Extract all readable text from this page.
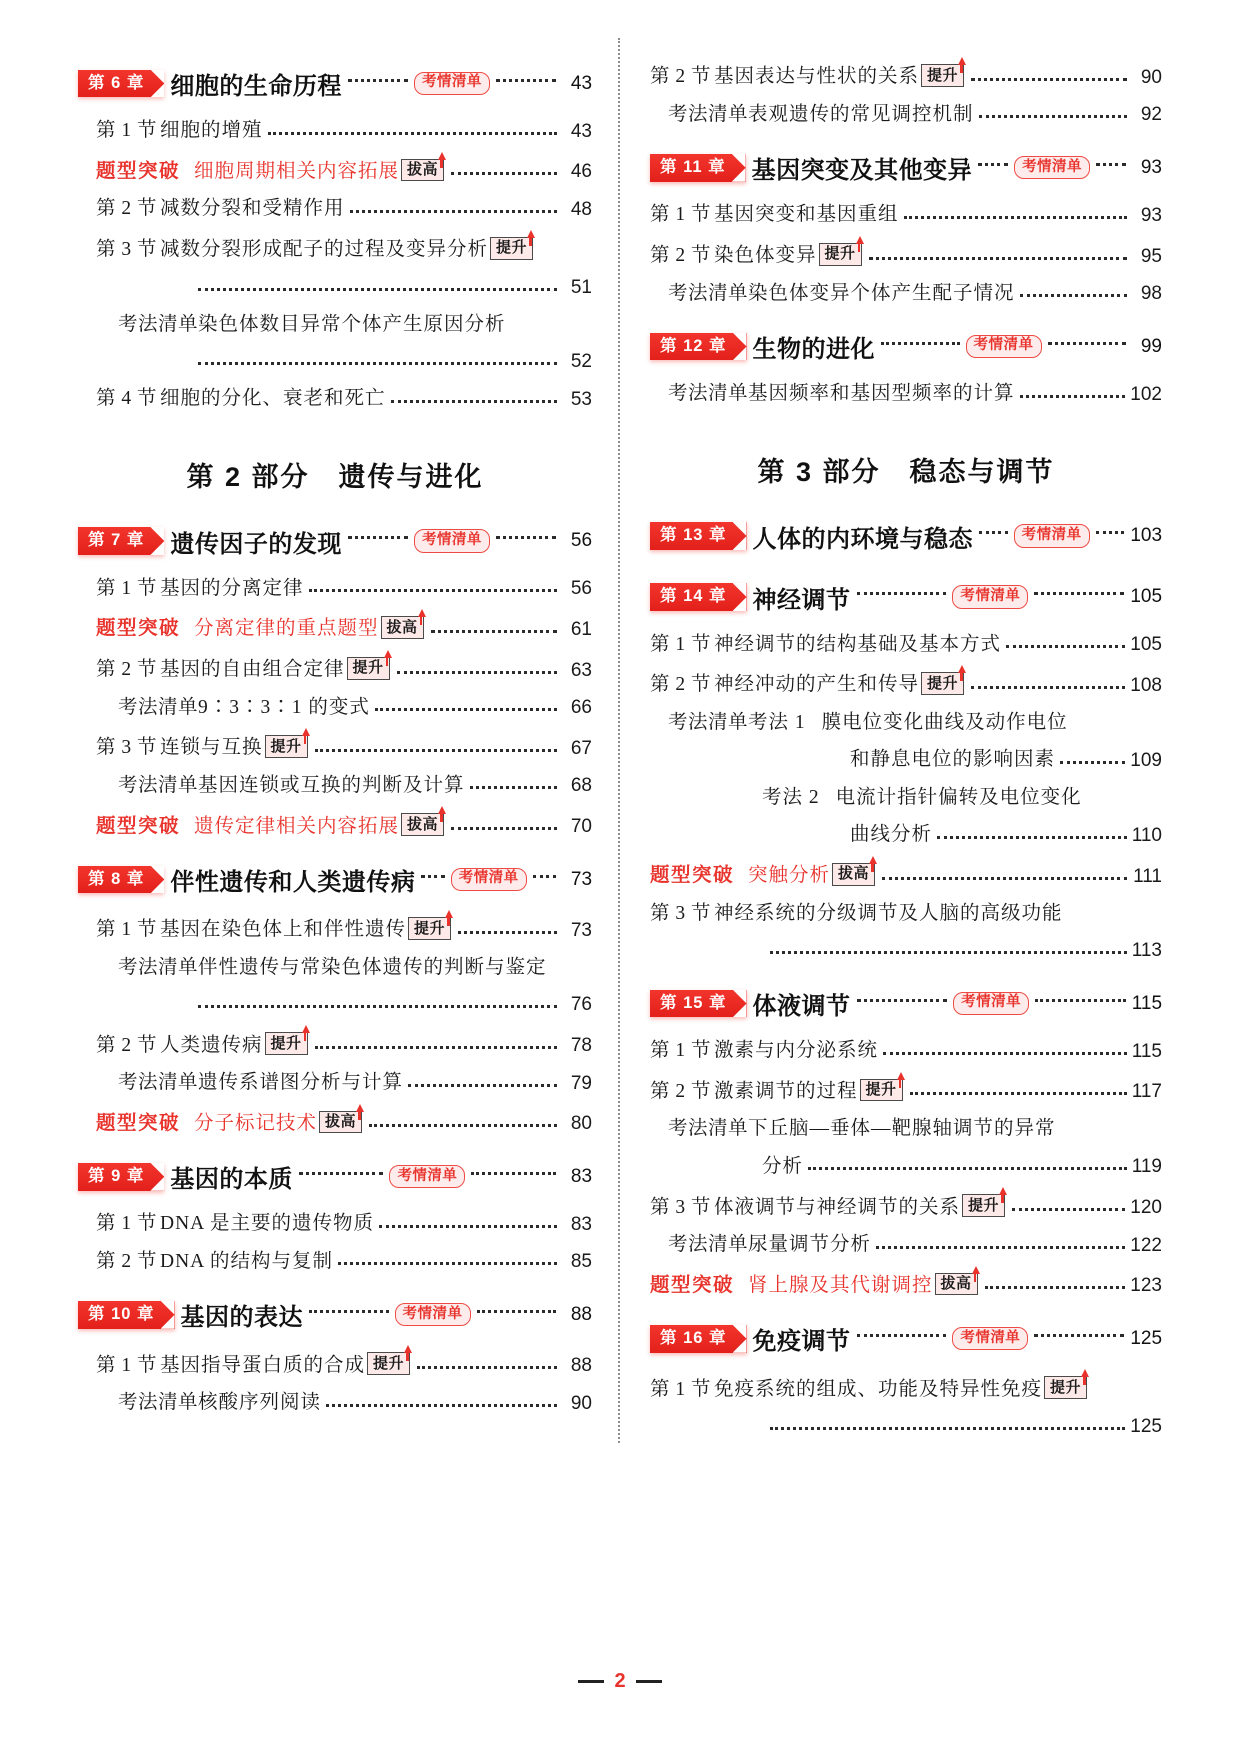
第 6 章	细胞的生命历程	考情清单	43
第 1 节 细胞的增殖	43
题型突破 细胞周期相关内容拓展 拔高	46
第 2 节 减数分裂和受精作用	48
第 3 节 减数分裂形成配子的过程及变异分析 提升
51
考法清单染色体数目异常个体产生原因分析
52
第 4 节 细胞的分化、衰老和死亡	53
第 2 部分　遗传与进化
第 7 章	遗传因子的发现	考情清单	56
第 1 节 基因的分离定律	56
题型突破 分离定律的重点题型 拔高	61
第 2 节 基因的自由组合定律 提升	63
考法清单9∶3∶3∶1 的变式	66
第 3 节 连锁与互换 提升	67
考法清单基因连锁或互换的判断及计算	68
题型突破 遗传定律相关内容拓展 拔高	70
第 8 章	伴性遗传和人类遗传病	考情清单	73
第 1 节 基因在染色体上和伴性遗传 提升	73
考法清单伴性遗传与常染色体遗传的判断与鉴定
76
第 2 节 人类遗传病 提升	78
考法清单遗传系谱图分析与计算	79
题型突破 分子标记技术 拔高	80
第 9 章	基因的本质	考情清单	83
第 1 节 DNA 是主要的遗传物质	83
第 2 节 DNA 的结构与复制	85
第 10 章	基因的表达	考情清单	88
第 1 节 基因指导蛋白质的合成 提升	88
考法清单核酸序列阅读	90
第 2 节 基因表达与性状的关系 提升	90
考法清单表观遗传的常见调控机制	92
第 11 章	基因突变及其他变异	考情清单	93
第 1 节 基因突变和基因重组	93
第 2 节 染色体变异 提升	95
考法清单染色体变异个体产生配子情况	98
第 12 章	生物的进化	考情清单	99
考法清单基因频率和基因型频率的计算	102
第 3 部分　稳态与调节
第 13 章	人体的内环境与稳态	考情清单	103
第 14 章	神经调节	考情清单	105
第 1 节 神经调节的结构基础及基本方式	105
第 2 节 神经冲动的产生和传导 提升	108
考法清单考法 1 膜电位变化曲线及动作电位
和静息电位的影响因素	109
考法 2 电流计指针偏转及电位变化
曲线分析	110
题型突破 突触分析 拔高	111
第 3 节 神经系统的分级调节及人脑的高级功能
113
第 15 章	体液调节	考情清单	115
第 1 节 激素与内分泌系统	115
第 2 节 激素调节的过程 提升	117
考法清单下丘脑—垂体—靶腺轴调节的异常
分析	119
第 3 节 体液调节与神经调节的关系 提升	120
考法清单尿量调节分析	122
题型突破 肾上腺及其代谢调控 拔高	123
第 16 章	免疫调节	考情清单	125
第 1 节 免疫系统的组成、功能及特异性免疫 提升
125
2
